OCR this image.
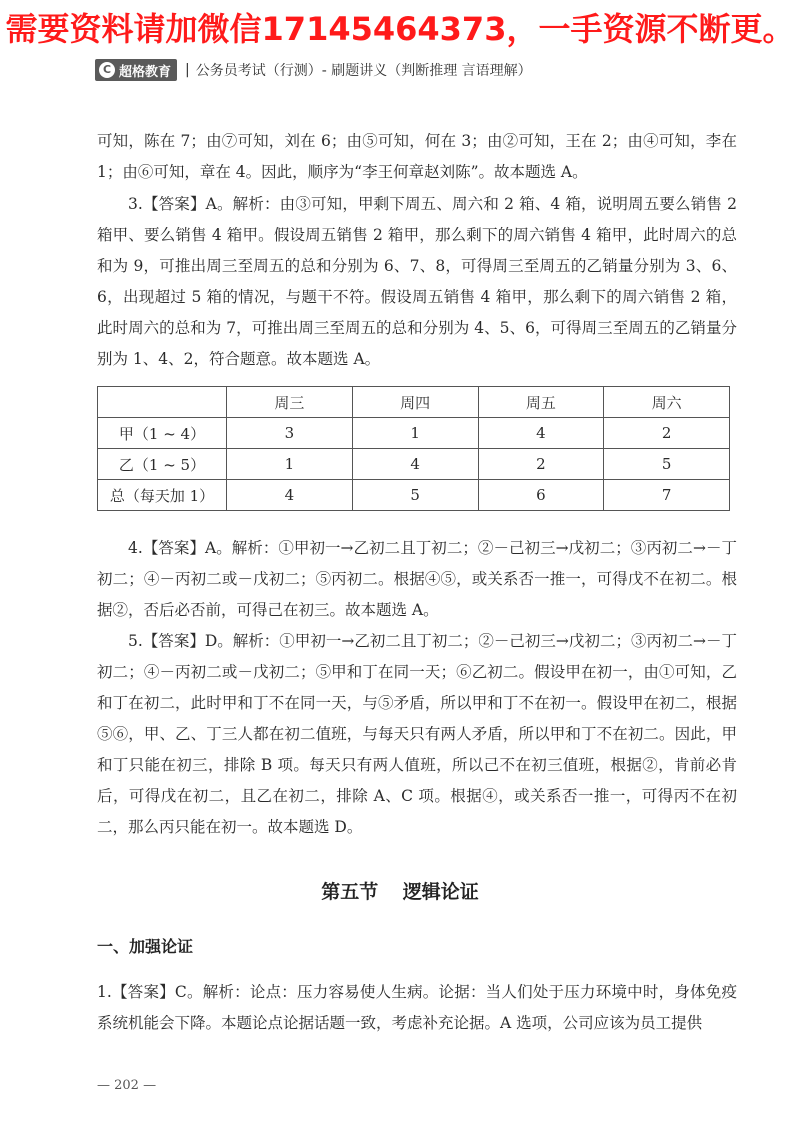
需要资料请加微信17145464373，一手资源不断更。
C 超格教育 | 公务员考试（行测）- 刷题讲义（判断推理 言语理解）

可知，陈在 7；由⑦可知，刘在 6；由⑤可知，何在 3；由②可知，王在 2；由④可知，李在 1；由⑥可知，章在 4。因此，顺序为“李王何章赵刘陈”。故本题选 A。

3.【答案】A。解析：由③可知，甲剩下周五、周六和 2 箱、4 箱，说明周五要么销售 2 箱甲、要么销售 4 箱甲。假设周五销售 2 箱甲，那么剩下的周六销售 4 箱甲，此时周六的总和为 9，可推出周三至周五的总和分别为 6、7、8，可得周三至周五的乙销量分别为 3、6、6，出现超过 5 箱的情况，与题干不符。假设周五销售 4 箱甲，那么剩下的周六销售 2 箱，此时周六的总和为 7，可推出周三至周五的总和分别为 4、5、6，可得周三至周五的乙销量分别为 1、4、2，符合题意。故本题选 A。

	周三	周四	周五	周六
甲（1 ~ 4）	3	1	4	2
乙（1 ~ 5）	1	4	2	5
总（每天加 1）	4	5	6	7

4.【答案】A。解析：①甲初一→乙初二且丁初二；②－己初三→戊初二；③丙初二→－丁初二；④－丙初二或－戊初二；⑤丙初二。根据④⑤，或关系否一推一，可得戊不在初二。根据②，否后必否前，可得己在初三。故本题选 A。

5.【答案】D。解析：①甲初一→乙初二且丁初二；②－己初三→戊初二；③丙初二→－丁初二；④－丙初二或－戊初二；⑤甲和丁在同一天；⑥乙初二。假设甲在初一，由①可知，乙和丁在初二，此时甲和丁不在同一天，与⑤矛盾，所以甲和丁不在初一。假设甲在初二，根据⑤⑥，甲、乙、丁三人都在初二值班，与每天只有两人矛盾，所以甲和丁不在初二。因此，甲和丁只能在初三，排除 B 项。每天只有两人值班，所以己不在初三值班，根据②，肯前必肯后，可得戊在初二，且乙在初二，排除 A、C 项。根据④，或关系否一推一，可得丙不在初二，那么丙只能在初一。故本题选 D。

第五节 逻辑论证
一、加强论证

1.【答案】C。解析：论点：压力容易使人生病。论据：当人们处于压力环境中时，身体免疫系统机能会下降。本题论点论据话题一致，考虑补充论据。A 选项，公司应该为员工提供

— 202 —
